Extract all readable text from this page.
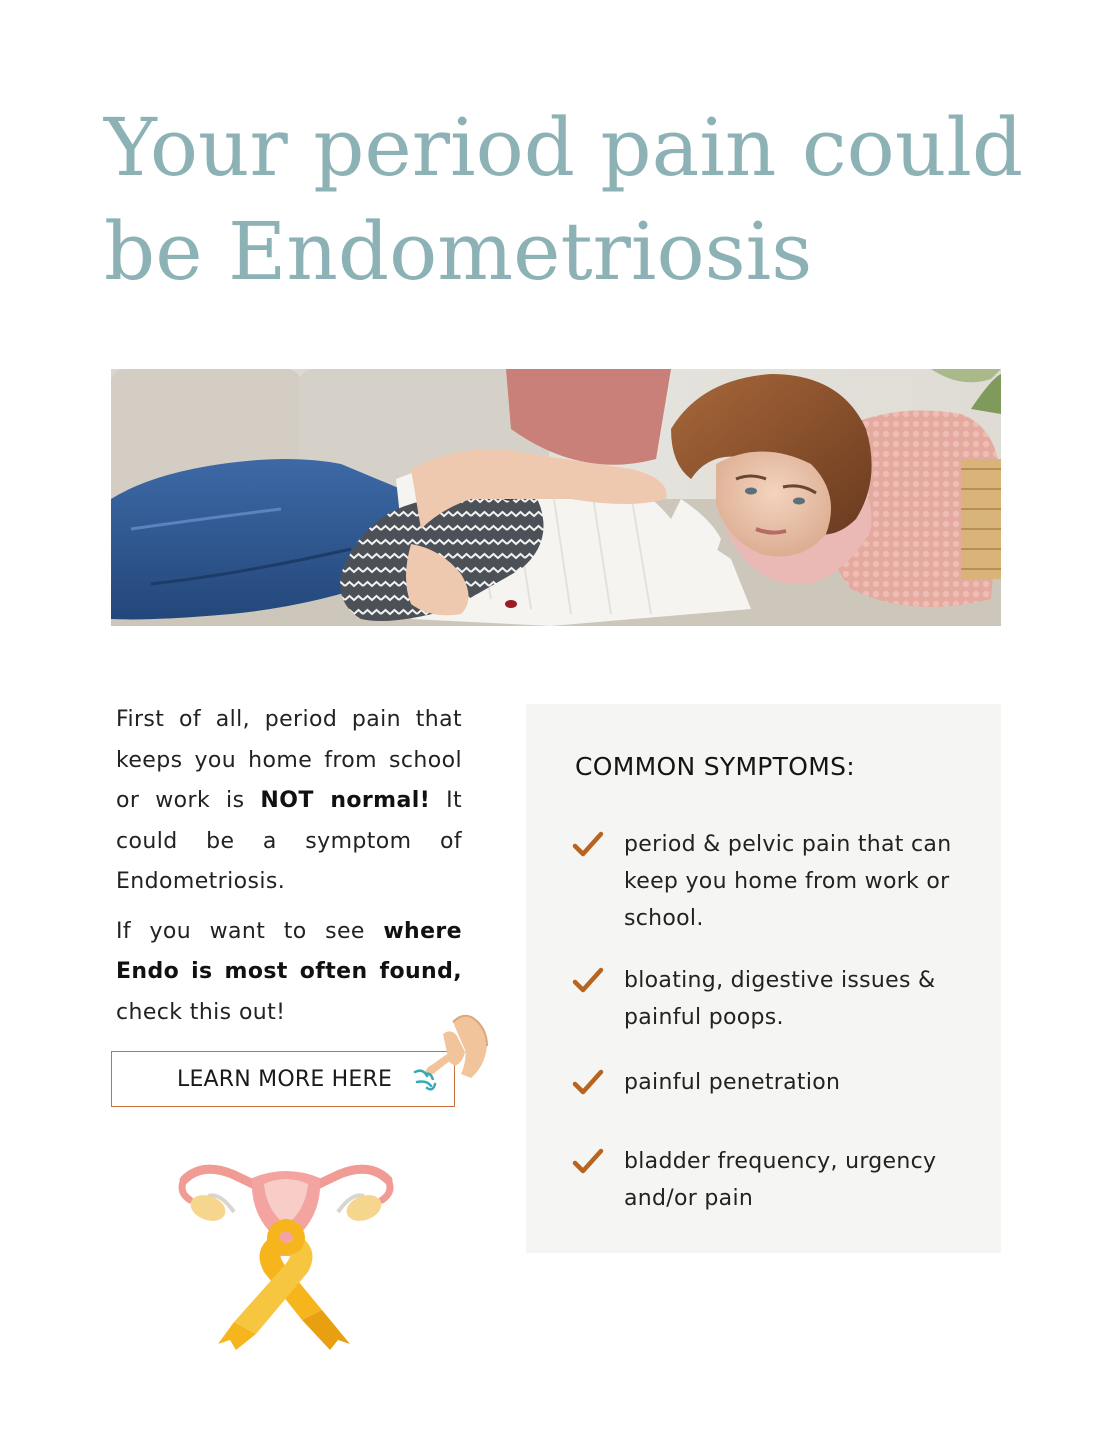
Your period pain could be Endometriosis

First of all, period pain that keeps you home from school or work is NOT normal! It could be a symptom of Endometriosis.

If you want to see where Endo is most often found, check this out!

LEARN MORE HERE
COMMON SYMPTOMS:
period & pelvic pain that can keep you home from work or school.
bloating, digestive issues & painful poops.
painful penetration
bladder frequency, urgency and/or pain
